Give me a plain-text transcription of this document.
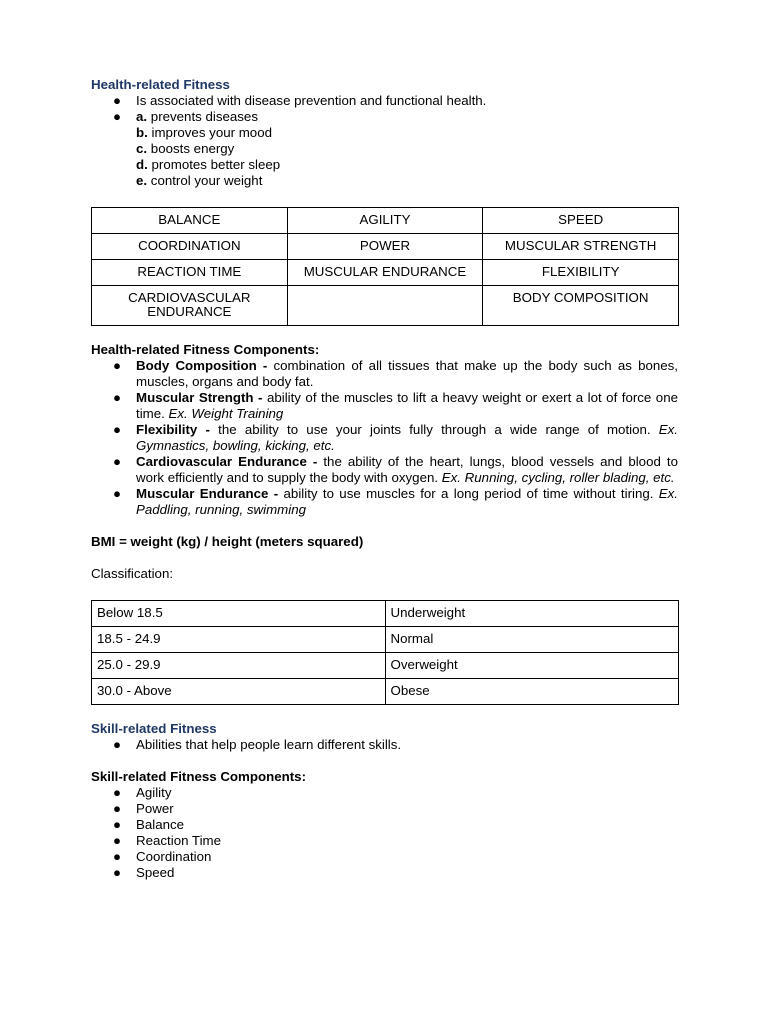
Health-related Fitness

● Is associated with disease prevention and functional health.
● a. prevents diseases
b. improves your mood
c. boosts energy
d. promotes better sleep
e. control your weight
BALANCE	AGILITY	SPEED
COORDINATION	POWER	MUSCULAR STRENGTH
REACTION TIME	MUSCULAR ENDURANCE	FLEXIBILITY
CARDIOVASCULAR ENDURANCE		BODY COMPOSITION

Health-related Fitness Components:

● Body Composition - combination of all tissues that make up the body such as bones, muscles, organs and body fat.
● Muscular Strength - ability of the muscles to lift a heavy weight or exert a lot of force one time. Ex. Weight Training
● Flexibility - the ability to use your joints fully through a wide range of motion. Ex. Gymnastics, bowling, kicking, etc.
● Cardiovascular Endurance - the ability of the heart, lungs, blood vessels and blood to work efficiently and to supply the body with oxygen. Ex. Running, cycling, roller blading, etc.
● Muscular Endurance - ability to use muscles for a long period of time without tiring. Ex. Paddling, running, swimming

BMI = weight (kg) / height (meters squared)

Classification:

Below 18.5	Underweight
18.5 - 24.9	Normal
25.0 - 29.9	Overweight
30.0 - Above	Obese

Skill-related Fitness

● Abilities that help people learn different skills.

Skill-related Fitness Components:

● Agility
● Power
● Balance
● Reaction Time
● Coordination
● Speed
